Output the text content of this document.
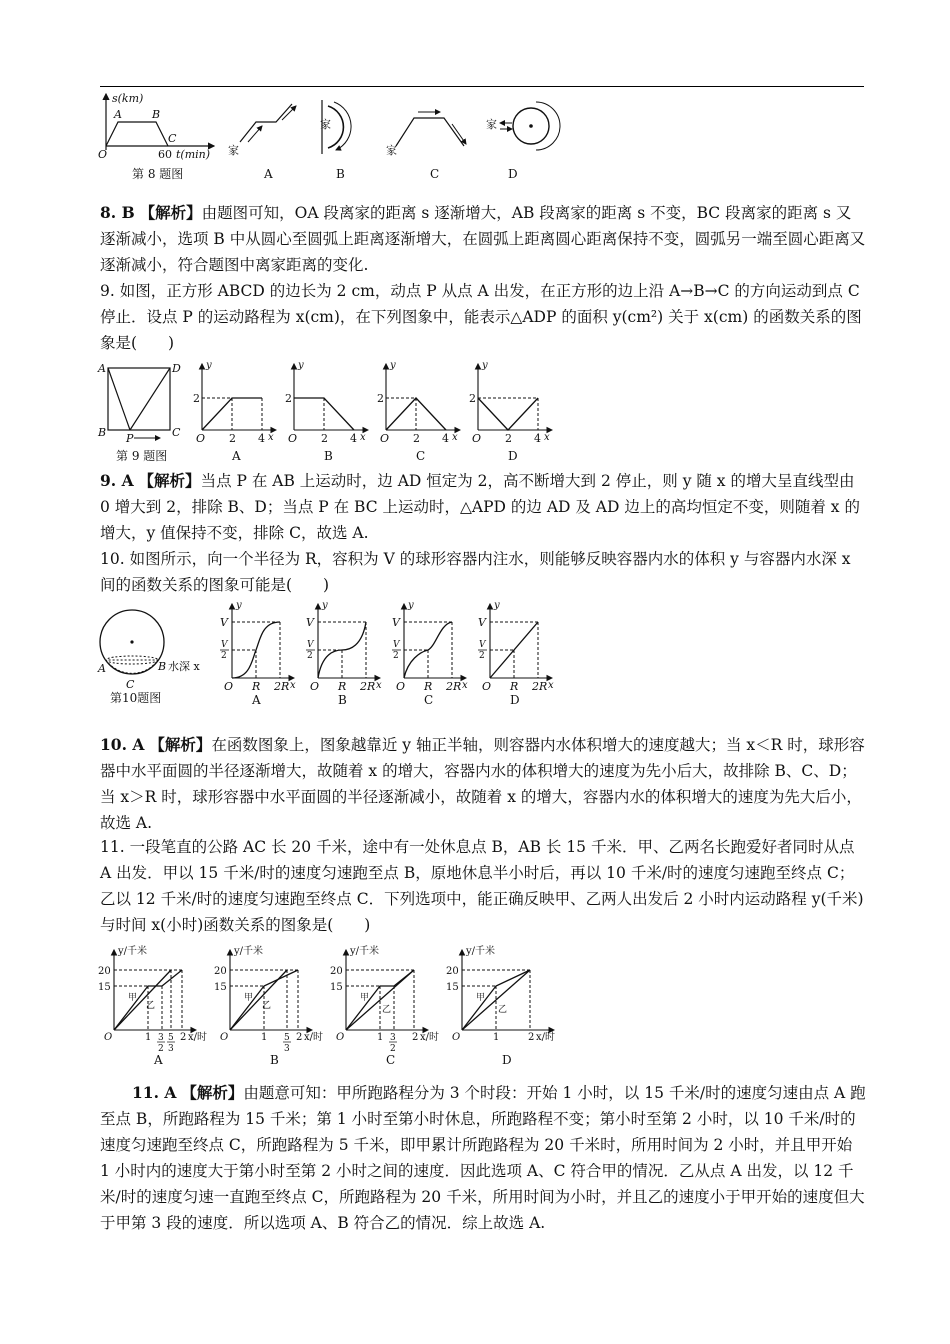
s(km)
A	B
C
O	60 t(min)
第 8 题图
家
A
家
B
家
C
家
D

8. B 【解析】由题图可知，OA 段离家的距离 s 逐渐增大，AB 段离家的距离 s 不变，BC 段离家的距离 s 又逐渐减小，选项 B 中从圆心至圆弧上距离逐渐增大，在圆弧上距离圆心距离保持不变，圆弧另一端至圆心距离又逐渐减小，符合题图中离家距离的变化.

9. 如图，正方形 ABCD 的边长为 2 cm，动点 P 从点 A 出发，在正方形的边上沿 A→B→C 的方向运动到点 C 停止．设点 P 的运动路程为 x(cm)，在下列图象中，能表示△ADP 的面积 y(cm²) 关于 x(cm) 的函数关系的图象是(　　)

A	D
B	C
P
第 9 题图
y
2
O 2 4 x
A
y
2
O 2 4 x
B
y
2
O 2 4 x
C
y
2
O 2 4 x
D

9. A 【解析】当点 P 在 AB 上运动时，边 AD 恒定为 2，高不断增大到 2 停止，则 y 随 x 的增大呈直线型由 0 增大到 2，排除 B、D；当点 P 在 BC 上运动时，△APD 的边 AD 及 AD 边上的高均恒定不变，则随着 x 的增大，y 值保持不变，排除 C，故选 A.

10. 如图所示，向一个半径为 R，容积为 V 的球形容器内注水，则能够反映容器内水的体积 y 与容器内水深 x 间的函数关系的图象可能是(　　)

A	B
C
水深 x
第10题图
y
V
V
2
O R 2R x
A
y
V
V
2
O R 2R x
B
y
V
V
2
O R 2R x
C
y
V
V
2
O R 2R x
D

10. A 【解析】在函数图象上，图象越靠近 y 轴正半轴，则容器内水体积增大的速度越大；当 x＜R 时，球形容器中水平面圆的半径逐渐增大，故随着 x 的增大，容器内水的体积增大的速度为先小后大，故排除 B、C、D；当 x＞R 时，球形容器中水平面圆的半径逐渐减小，故随着 x 的增大，容器内水的体积增大的速度为先大后小，故选 A.

11. 一段笔直的公路 AC 长 20 千米，途中有一处休息点 B，AB 长 15 千米．甲、乙两名长跑爱好者同时从点 A 出发．甲以 15 千米/时的速度匀速跑至点 B，原地休息半小时后，再以 10 千米/时的速度匀速跑至终点 C；乙以 12 千米/时的速度匀速跑至终点 C．下列选项中，能正确反映甲、乙两人出发后 2 小时内运动路程 y(千米)与时间 x(小时)函数关系的图象是(　　)

y/千米
20
15
甲
乙
O	1 3
2
5
3
2 x/时
A
y/千米
20
15
甲
乙
O	1 5
3
2 x/时
B
y/千米
20
15
甲
乙
O	1 3
2
2 x/时
C
y/千米
20
15
甲
乙
O	1	2 x/时
D

11. A 【解析】由题意可知：甲所跑路程分为 3 个时段：开始 1 小时，以 15 千米/时的速度匀速由点 A 跑至点 B，所跑路程为 15 千米；第 1 小时至第小时休息，所跑路程不变；第小时至第 2 小时，以 10 千米/时的速度匀速跑至终点 C，所跑路程为 5 千米，即甲累计所跑路程为 20 千米时，所用时间为 2 小时，并且甲开始 1 小时内的速度大于第小时至第 2 小时之间的速度．因此选项 A、C 符合甲的情况．乙从点 A 出发，以 12 千米/时的速度匀速一直跑至终点 C，所跑路程为 20 千米，所用时间为小时，并且乙的速度小于甲开始的速度但大于甲第 3 段的速度．所以选项 A、B 符合乙的情况．综上故选 A.
